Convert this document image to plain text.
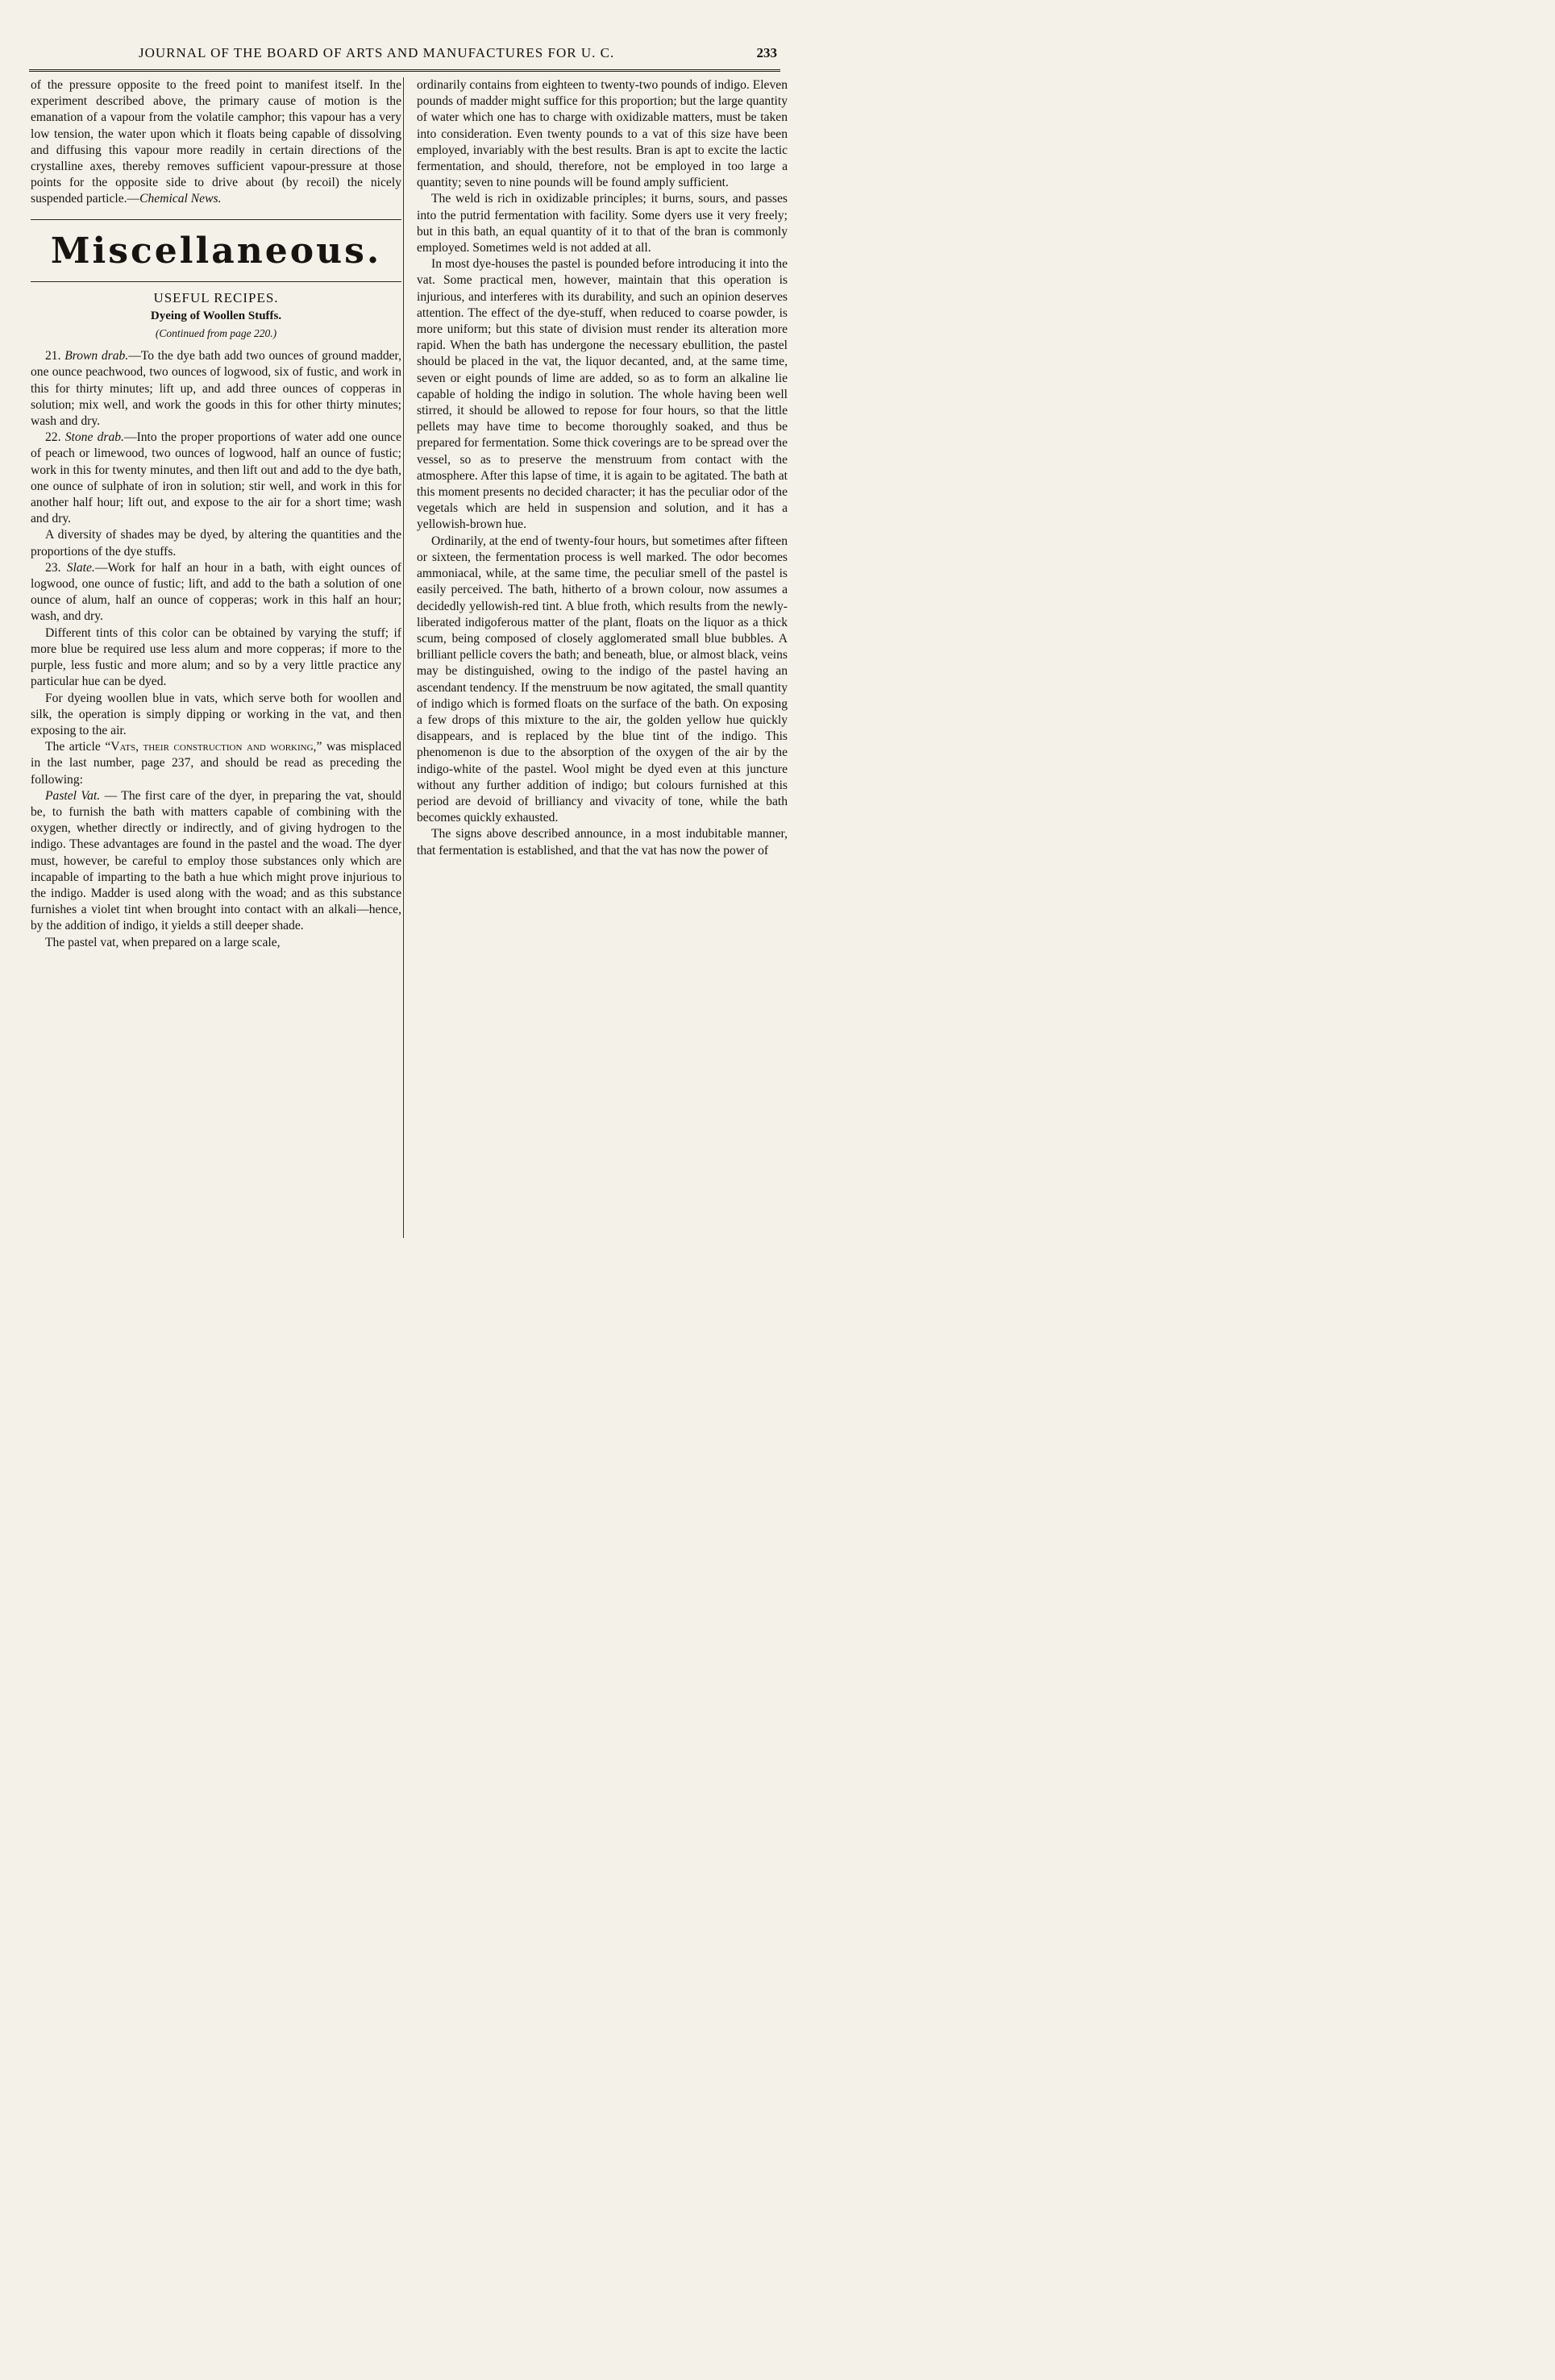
JOURNAL OF THE BOARD OF ARTS AND MANUFACTURES FOR U. C.	233

of the pressure opposite to the freed point to manifest itself. In the experiment described above, the primary cause of motion is the emanation of a vapour from the volatile camphor; this vapour has a very low tension, the water upon which it floats being capable of dissolving and diffusing this vapour more readily in certain directions of the crystalline axes, thereby removes sufficient vapour-pressure at those points for the opposite side to drive about (by recoil) the nicely suspended particle.—Chemical News.

Miscellaneous.
USEFUL RECIPES.
Dyeing of Woollen Stuffs.
(Continued from page 220.)

21. Brown drab.—To the dye bath add two ounces of ground madder, one ounce peachwood, two ounces of logwood, six of fustic, and work in this for thirty minutes; lift up, and add three ounces of copperas in solution; mix well, and work the goods in this for other thirty minutes; wash and dry.

22. Stone drab.—Into the proper proportions of water add one ounce of peach or limewood, two ounces of logwood, half an ounce of fustic; work in this for twenty minutes, and then lift out and add to the dye bath, one ounce of sulphate of iron in solution; stir well, and work in this for another half hour; lift out, and expose to the air for a short time; wash and dry.

A diversity of shades may be dyed, by altering the quantities and the proportions of the dye stuffs.

23. Slate.—Work for half an hour in a bath, with eight ounces of logwood, one ounce of fustic; lift, and add to the bath a solution of one ounce of alum, half an ounce of copperas; work in this half an hour; wash, and dry.

Different tints of this color can be obtained by varying the stuff; if more blue be required use less alum and more copperas; if more to the purple, less fustic and more alum; and so by a very little practice any particular hue can be dyed.

For dyeing woollen blue in vats, which serve both for woollen and silk, the operation is simply dipping or working in the vat, and then exposing to the air.

The article “Vats, their construction and working,” was misplaced in the last number, page 237, and should be read as preceding the following:

Pastel Vat. — The first care of the dyer, in preparing the vat, should be, to furnish the bath with matters capable of combining with the oxygen, whether directly or indirectly, and of giving hydrogen to the indigo. These advantages are found in the pastel and the woad. The dyer must, however, be careful to employ those substances only which are incapable of imparting to the bath a hue which might prove injurious to the indigo. Madder is used along with the woad; and as this substance furnishes a violet tint when brought into contact with an alkali—hence, by the addition of indigo, it yields a still deeper shade.

The pastel vat, when prepared on a large scale,

ordinarily contains from eighteen to twenty-two pounds of indigo. Eleven pounds of madder might suffice for this proportion; but the large quantity of water which one has to charge with oxidizable matters, must be taken into consideration. Even twenty pounds to a vat of this size have been employed, invariably with the best results. Bran is apt to excite the lactic fermentation, and should, therefore, not be employed in too large a quantity; seven to nine pounds will be found amply sufficient.

The weld is rich in oxidizable principles; it burns, sours, and passes into the putrid fermentation with facility. Some dyers use it very freely; but in this bath, an equal quantity of it to that of the bran is commonly employed. Sometimes weld is not added at all.

In most dye-houses the pastel is pounded before introducing it into the vat. Some practical men, however, maintain that this operation is injurious, and interferes with its durability, and such an opinion deserves attention. The effect of the dye-stuff, when reduced to coarse powder, is more uniform; but this state of division must render its alteration more rapid. When the bath has undergone the necessary ebullition, the pastel should be placed in the vat, the liquor decanted, and, at the same time, seven or eight pounds of lime are added, so as to form an alkaline lie capable of holding the indigo in solution. The whole having been well stirred, it should be allowed to repose for four hours, so that the little pellets may have time to become thoroughly soaked, and thus be prepared for fermentation. Some thick coverings are to be spread over the vessel, so as to preserve the menstruum from contact with the atmosphere. After this lapse of time, it is again to be agitated. The bath at this moment presents no decided character; it has the peculiar odor of the vegetals which are held in suspension and solution, and it has a yellowish-brown hue.

Ordinarily, at the end of twenty-four hours, but sometimes after fifteen or sixteen, the fermentation process is well marked. The odor becomes ammoniacal, while, at the same time, the peculiar smell of the pastel is easily perceived. The bath, hitherto of a brown colour, now assumes a decidedly yellowish-red tint. A blue froth, which results from the newly-liberated indigoferous matter of the plant, floats on the liquor as a thick scum, being composed of closely agglomerated small blue bubbles. A brilliant pellicle covers the bath; and beneath, blue, or almost black, veins may be distinguished, owing to the indigo of the pastel having an ascendant tendency. If the menstruum be now agitated, the small quantity of indigo which is formed floats on the surface of the bath. On exposing a few drops of this mixture to the air, the golden yellow hue quickly disappears, and is replaced by the blue tint of the indigo. This phenomenon is due to the absorption of the oxygen of the air by the indigo-white of the pastel. Wool might be dyed even at this juncture without any further addition of indigo; but colours furnished at this period are devoid of brilliancy and vivacity of tone, while the bath becomes quickly exhausted.

The signs above described announce, in a most indubitable manner, that fermentation is established, and that the vat has now the power of
